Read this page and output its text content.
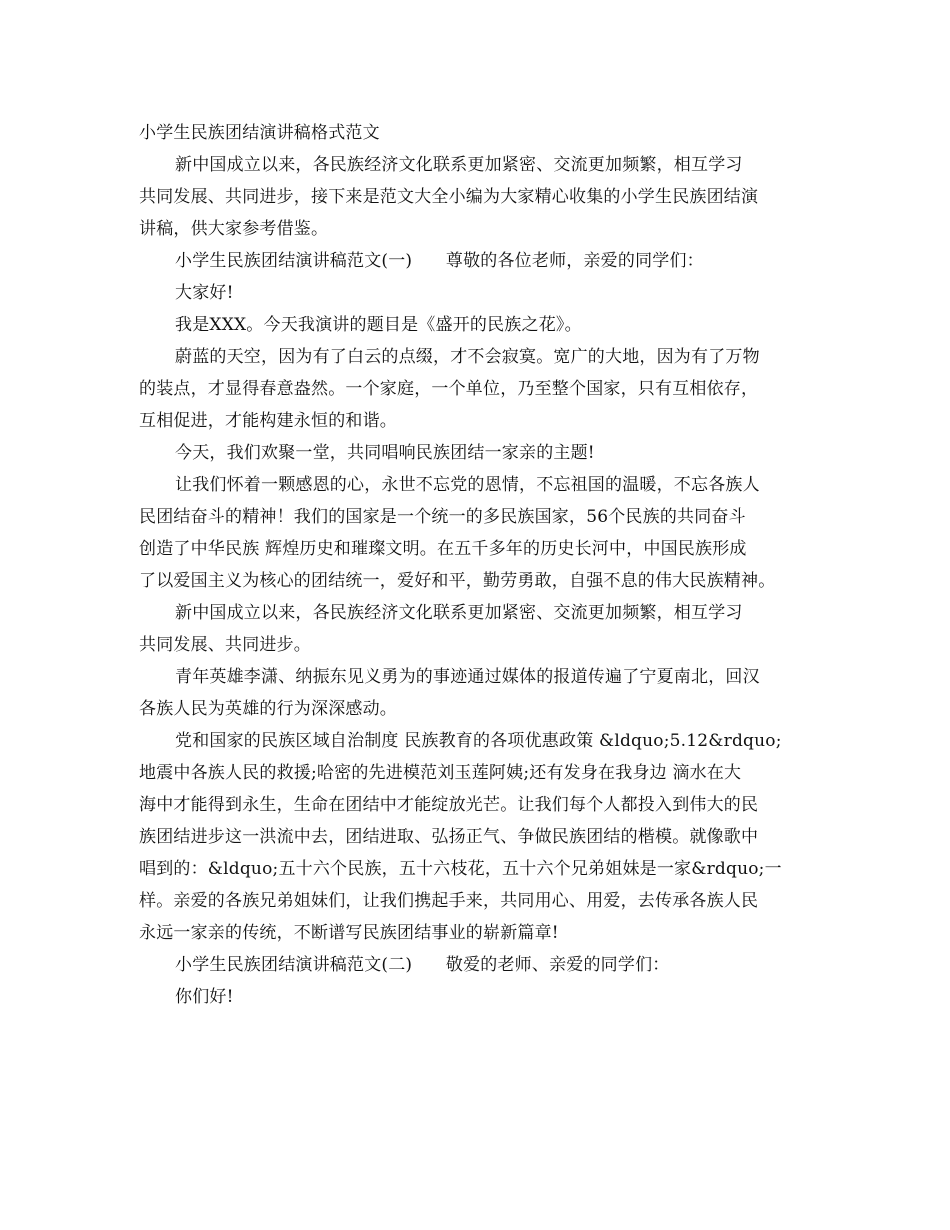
小学生民族团结演讲稿格式范文

新中国成立以来，各民族经济文化联系更加紧密、交流更加频繁，相互学习

共同发展、共同进步，接下来是范文大全小编为大家精心收集的小学生民族团结演

讲稿，供大家参考借鉴。

小学生民族团结演讲稿范文(一)      尊敬的各位老师，亲爱的同学们：

大家好!

我是XXX。今天我演讲的题目是《盛开的民族之花》。

蔚蓝的天空，因为有了白云的点缀，才不会寂寞。宽广的大地，因为有了万物

的装点，才显得春意盎然。一个家庭，一个单位，乃至整个国家，只有互相依存，

互相促进，才能构建永恒的和谐。

今天，我们欢聚一堂，共同唱响民族团结一家亲的主题!

让我们怀着一颗感恩的心，永世不忘党的恩情，不忘祖国的温暖，不忘各族人

民团结奋斗的精神！我们的国家是一个统一的多民族国家，56个民族的共同奋斗

创造了中华民族 辉煌历史和璀璨文明。在五千多年的历史长河中，中国民族形成

了以爱国主义为核心的团结统一，爱好和平，勤劳勇敢，自强不息的伟大民族精神。

新中国成立以来，各民族经济文化联系更加紧密、交流更加频繁，相互学习

共同发展、共同进步。

青年英雄李潇、纳振东见义勇为的事迹通过媒体的报道传遍了宁夏南北，回汉

各族人民为英雄的行为深深感动。

党和国家的民族区域自治制度 民族教育的各项优惠政策 &ldquo;5.12&rdquo;

地震中各族人民的救援;哈密的先进模范刘玉莲阿姨;还有发身在我身边 滴水在大

海中才能得到永生，生命在团结中才能绽放光芒。让我们每个人都投入到伟大的民

族团结进步这一洪流中去，团结进取、弘扬正气、争做民族团结的楷模。就像歌中

唱到的：&ldquo;五十六个民族，五十六枝花，五十六个兄弟姐妹是一家&rdquo;一

样。亲爱的各族兄弟姐妹们，让我们携起手来，共同用心、用爱，去传承各族人民

永远一家亲的传统，不断谱写民族团结事业的崭新篇章!

小学生民族团结演讲稿范文(二)      敬爱的老师、亲爱的同学们：

你们好!
